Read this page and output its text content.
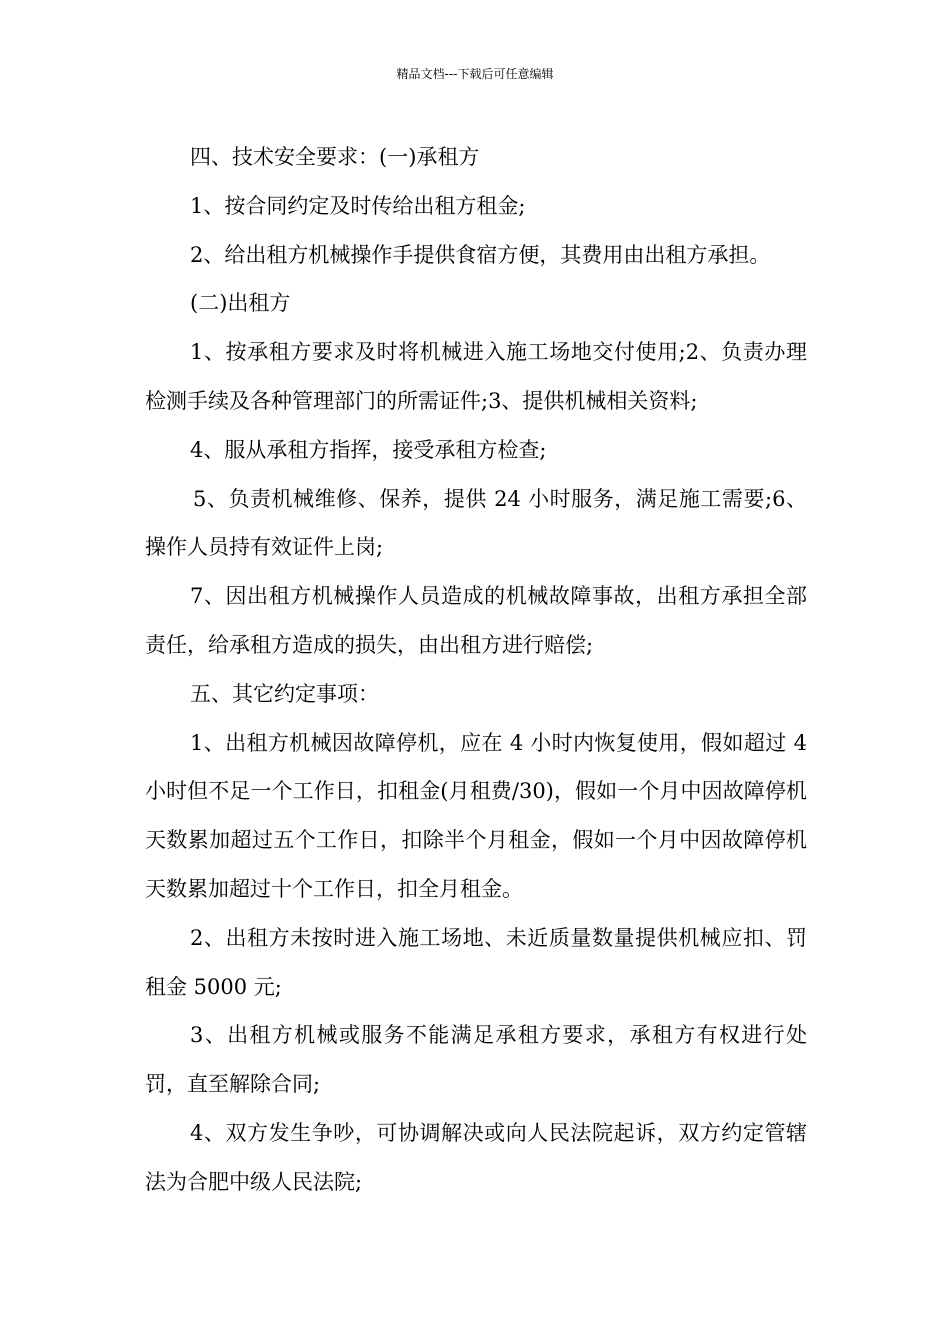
精品文档---下载后可任意编辑

四、技术安全要求：(一)承租方

1、按合同约定及时传给出租方租金;

2、给出租方机械操作手提供食宿方便，其费用由出租方承担。

(二)出租方

1、按承租方要求及时将机械进入施工场地交付使用;2、负责办理检测手续及各种管理部门的所需证件;3、提供机械相关资料;

4、服从承租方指挥，接受承租方检查;

5、负责机械维修、保养，提供 24 小时服务，满足施工需要;6、操作人员持有效证件上岗;

7、因出租方机械操作人员造成的机械故障事故，出租方承担全部责任，给承租方造成的损失，由出租方进行赔偿;

五、其它约定事项：

1、出租方机械因故障停机，应在 4 小时内恢复使用，假如超过 4 小时但不足一个工作日，扣租金(月租费/30)，假如一个月中因故障停机天数累加超过五个工作日，扣除半个月租金，假如一个月中因故障停机天数累加超过十个工作日，扣全月租金。

2、出租方未按时进入施工场地、未近质量数量提供机械应扣、罚租金 5000 元;

3、出租方机械或服务不能满足承租方要求，承租方有权进行处罚，直至解除合同;

4、双方发生争吵，可协调解决或向人民法院起诉，双方约定管辖法为合肥中级人民法院;
